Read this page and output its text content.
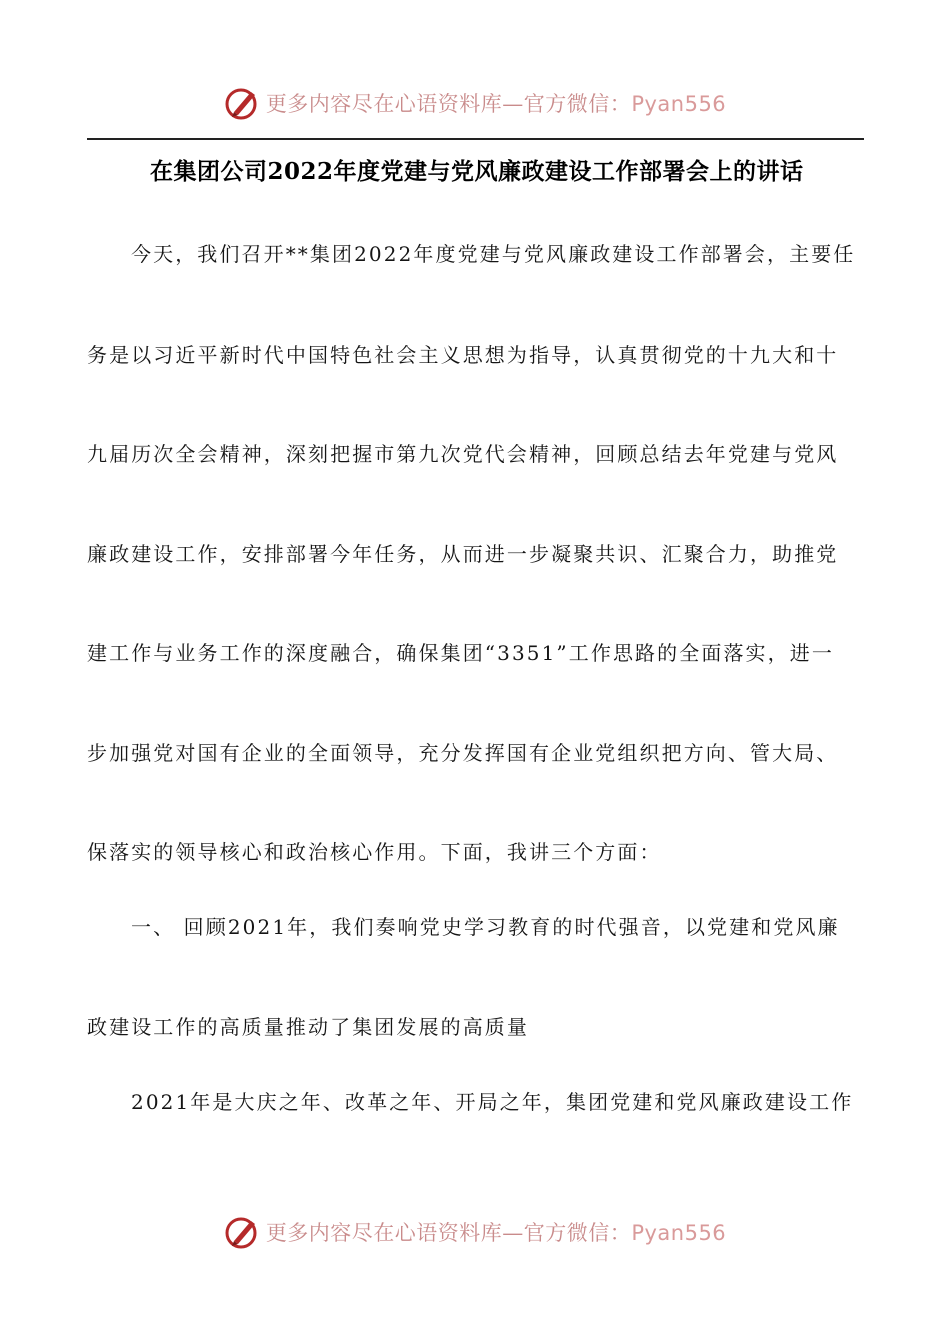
更多内容尽在心语资料库—官方微信：Pyan556
在集团公司2022年度党建与党风廉政建设工作部署会上的讲话
今天，我们召开**集团2022年度党建与党风廉政建设工作部署会，主要任
务是以习近平新时代中国特色社会主义思想为指导，认真贯彻党的十九大和十
九届历次全会精神，深刻把握市第九次党代会精神，回顾总结去年党建与党风
廉政建设工作，安排部署今年任务，从而进一步凝聚共识、汇聚合力，助推党
建工作与业务工作的深度融合，确保集团“3351”工作思路的全面落实，进一
步加强党对国有企业的全面领导，充分发挥国有企业党组织把方向、管大局、
保落实的领导核心和政治核心作用。下面，我讲三个方面：
一、 回顾2021年，我们奏响党史学习教育的时代强音，以党建和党风廉
政建设工作的高质量推动了集团发展的高质量
2021年是大庆之年、改革之年、开局之年，集团党建和党风廉政建设工作
更多内容尽在心语资料库—官方微信：Pyan556
